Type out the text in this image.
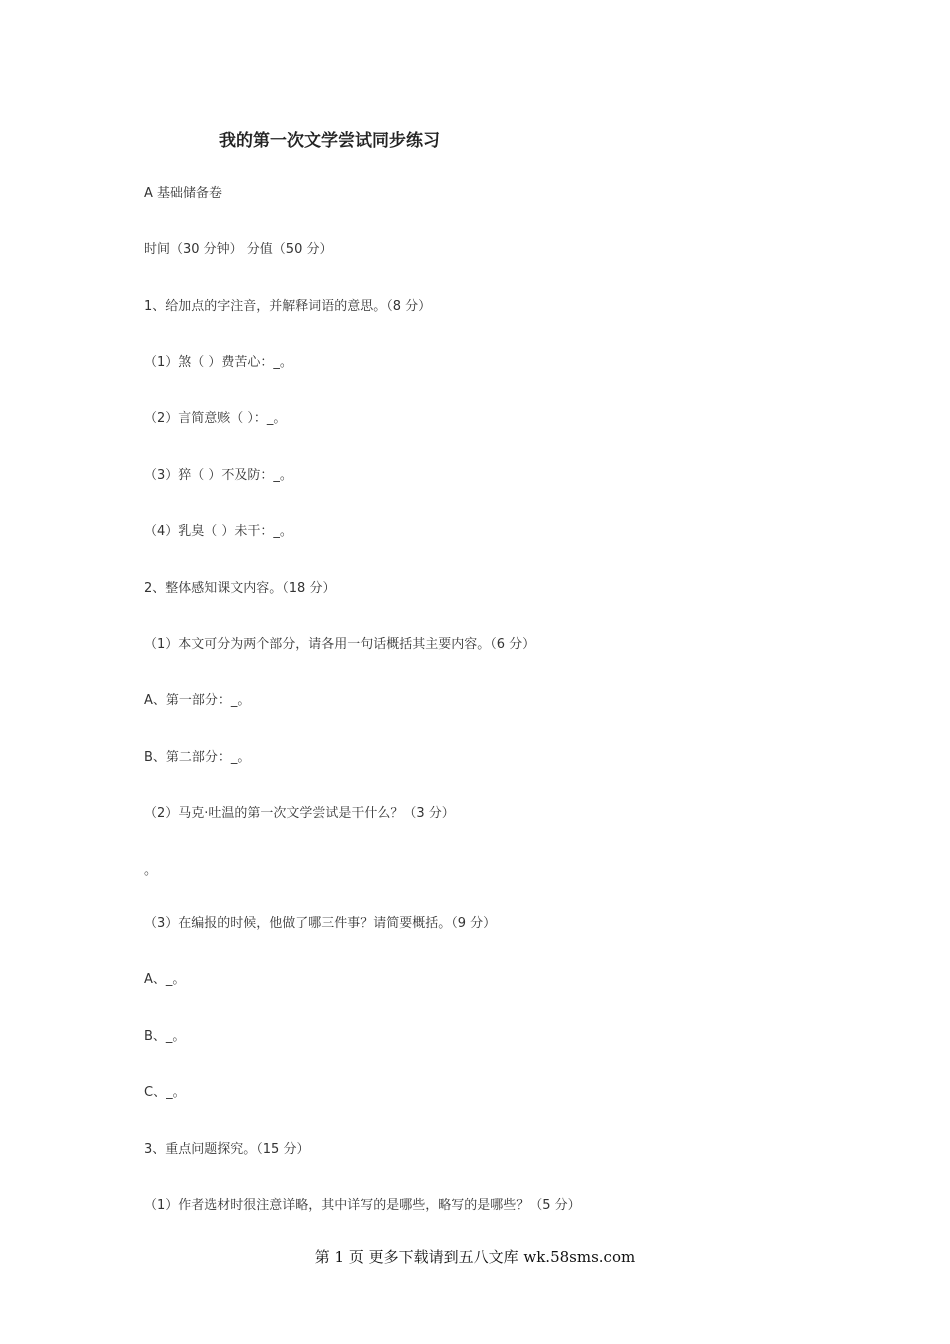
我的第一次文学尝试同步练习
A 基础储备卷
时间（30 分钟） 分值（50 分）
1、给加点的字注音，并解释词语的意思。（8 分）
（1）煞（ ）费苦心：_。
（2）言简意赅（ ）：_。
（3）猝（ ）不及防：_。
（4）乳臭（ ）未干：_。
2、整体感知课文内容。（18 分）
（1）本文可分为两个部分，请各用一句话概括其主要内容。（6 分）
A、第一部分：_。
B、第二部分：_。
（2）马克·吐温的第一次文学尝试是干什么？（3 分）
。
（3）在编报的时候，他做了哪三件事？请简要概括。（9 分）
A、_。
B、_。
C、_。
3、重点问题探究。（15 分）
（1）作者选材时很注意详略，其中详写的是哪些，略写的是哪些？（5 分）
第 1 页 更多下载请到五八文库 wk.58sms.com
